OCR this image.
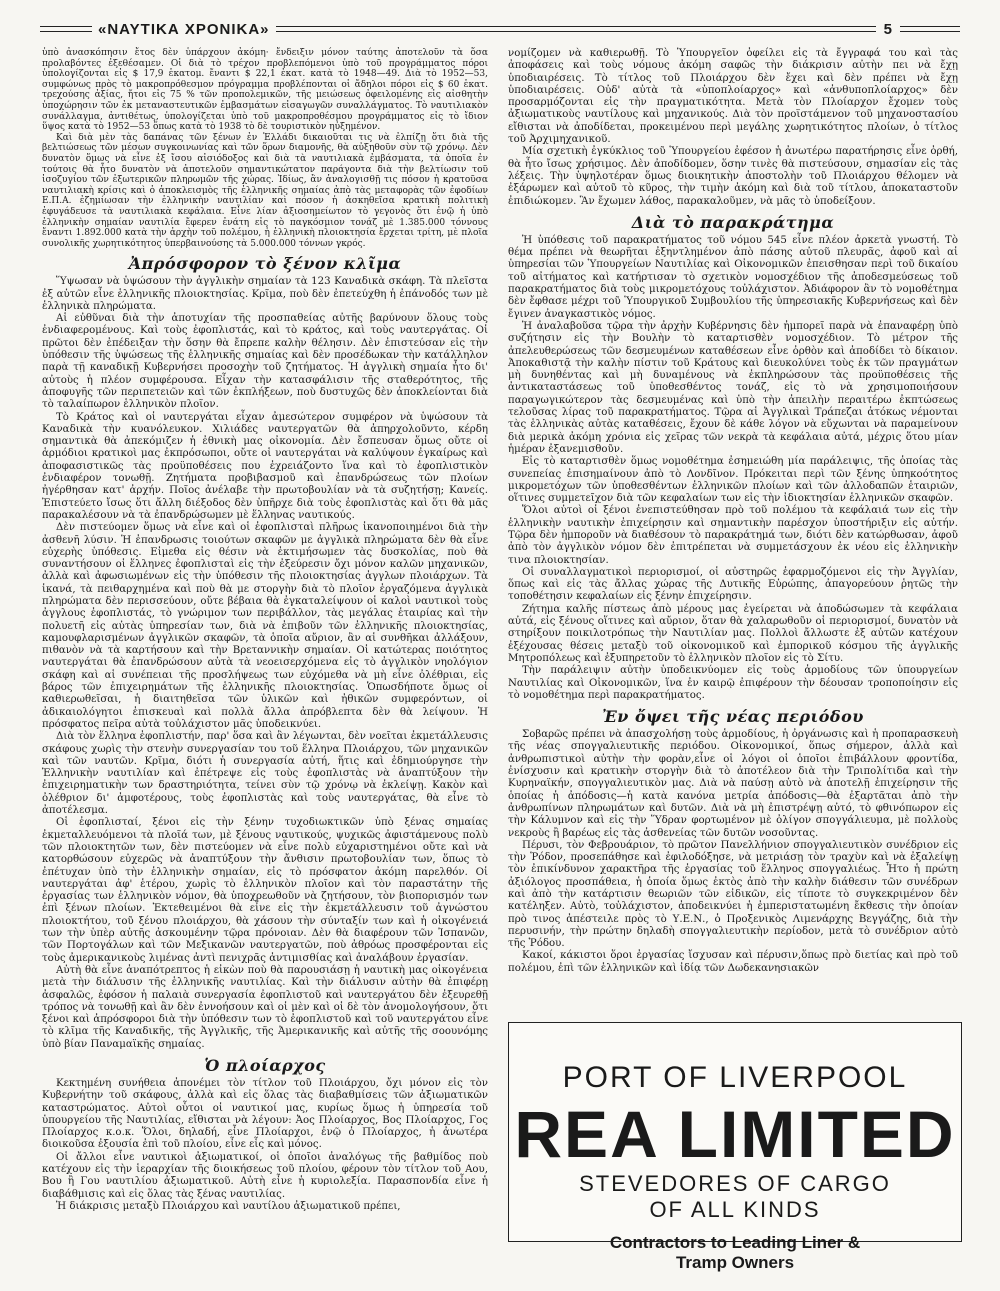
«ΝΑΥΤΙΚΑ ΧΡΟΝΙΚΑ»	5

ὑπὸ ἀνασκόπησιν ἔτος δὲν ὑπάρχουν ἀκόμη· ἔνδειξιν μόνον ταύτης ἀποτελοῦν τὰ ὅσα προλαβόντες ἐξεθέσαμεν. Οἱ διὰ τὸ τρέχον προβλεπόμενοι ὑπὸ τοῦ προγράμματος πόροι ὑπολογίζονται εἰς $ 17,9 ἑκατομ. ἔναντι $ 22,1 ἑκατ. κατὰ τὸ 1948—49. Διὰ τὸ 1952—53, συμφώνως πρὸς τὸ μακροπρόθεσμον πρόγραμμα προβλέπονται οἱ ἄδηλοι πόροι εἰς $ 60 ἑκατ. τρεχούσης ἀξίας, ἤτοι εἰς 75 % τῶν προπολεμικῶν, τῆς μειώσεως ὀφειλομένης εἰς αἰσθητὴν ὑποχώρησιν τῶν ἐκ μεταναστευτικῶν ἐμβασμάτων εἰσαγωγῶν συναλλάγματος. Τὸ ναυτιλιακὸν συνάλλαγμα, ἀντιθέτως, ὑπολογίζεται ὑπὸ τοῦ μακροπροθέσμου προγράμματος εἰς τὸ ἴδιον ὕψος κατὰ τὸ 1952—53 ὅπως κατὰ τὸ 1938 τὸ δὲ τουριστικὸν ηὐξημένον.

Καὶ διὰ μὲν τὰς δαπάνας τῶν ξένων ἐν Ἑλλάδι δικαιοῦται τις νὰ ἐλπίζῃ ὅτι διὰ τῆς βελτιώσεως τῶν μέσων συγκοινωνίας καὶ τῶν ὅρων διαμονῆς, θὰ αὐξηθοῦν σὺν τῷ χρόνῳ. Δὲν δυνατὸν ὅμως νὰ εἶνε ἐξ ἴσου αἰσιόδοξος καὶ διὰ τὰ ναυτιλιακὰ ἐμβάσματα, τὰ ὁποῖα ἐν τούτοις θὰ ἦτο δυνατὸν νὰ ἀποτελοῦν σημαντικώτατον παράγοντα διὰ τὴν βελτίωσιν τοῦ ἰσοζυγίου τῶν ἐξωτερικῶν πληρωμῶν τῆς χώρας. Ἰδίως, ἂν ἀναλογισθῇ τις πόσον ἡ κρατοῦσα ναυτιλιακὴ κρίσις καὶ ὁ ἀποκλεισμὸς τῆς ἑλληνικῆς σημαίας ἀπὸ τὰς μεταφορὰς τῶν ἐφοδίων Ε.Π.Α. ἐζημίωσαν τὴν ἑλληνικὴν ναυτιλίαν καὶ πόσον ἡ ἀσκηθεῖσα κρατικὴ πολιτικὴ ἐφυγάδευσε τὰ ναυτιλιακὰ κεφάλαια. Εἶνε λίαν ἀξιοσημείωτον τὸ γεγονὸς ὅτι ἐνῷ ἡ ὑπὸ ἑλληνικὴν σημαίαν ναυτιλία ἔφερεν ἐνάτη εἰς τὸ παγκόσμιον τονάζ μὲ 1.385.000 τόννους ἔναντι 1.892.000 κατὰ τὴν ἀρχὴν τοῦ πολέμου, ἡ ἑλληνικὴ πλοιοκτησία ἔρχεται τρίτη, μὲ πλοῖα συνολικῆς χωρητικότητος ὑπερβαινούσης τὰ 5.000.000 τόννων γκρός.

Ἀπρόσφορον τὸ ξένον κλῖμα

Ὕψωσαν νὰ ὑψώσουν τὴν ἀγγλικὴν σημαίαν τὰ 123 Καναδικὰ σκάφη. Τὰ πλεῖστα ἐξ αὐτῶν εἶνε ἑλληνικῆς πλοιοκτησίας. Κρῖμα, ποὺ δὲν ἐπετεύχθη ἡ ἐπάνοδός των μὲ ἑλληνικὰ πληρώματα.

Αἱ εὐθῦναι διὰ τὴν ἀποτυχίαν τῆς προσπαθείας αὐτῆς βαρύνουν ὅλους τοὺς ἐνδιαφερομένους. Καὶ τοὺς ἐφοπλιστάς, καὶ τὸ κράτος, καὶ τοὺς ναυτεργάτας. Οἱ πρῶτοι δὲν ἐπέδειξαν τὴν ὅσην θὰ ἔπρεπε καλὴν θέλησιν. Δὲν ἐπιστεύσαν εἰς τὴν ὑπόθεσιν τῆς ὑψώσεως τῆς ἑλληνικῆς σημαίας καὶ δὲν προσέδωκαν τὴν κατάλληλον παρὰ τῇ καναδικῇ Κυβερνήσει προσοχὴν τοῦ ζητήματος. Ἡ ἀγγλικὴ σημαία ἦτο δι' αὐτοὺς ἡ πλέον συμφέρουσα. Εἶχαν τὴν κατασφάλισιν τῆς σταθερότητος, τῆς ἀποφυγῆς τῶν περιπετειῶν καὶ τῶν ἐκπλήξεων, ποὺ δυστυχῶς δὲν ἀποκλείονται διὰ τὸ ταλαίπωρον ἑλληνικὸν πλοῖον.

Τὸ Κράτος καὶ οἱ ναυτεργάται εἶχαν ἀμεσώτερον συμφέρον νὰ ὑψώσουν τὰ Καναδικὰ τὴν κυανόλευκον. Χιλιάδες ναυτεργατῶν θὰ ἀπηρχολοῦντο, κέρδη σημαντικὰ θὰ ἀπεκόμιζεν ἡ ἐθνικὴ μας οἰκονομία. Δὲν ἔσπευσαν ὅμως οὔτε οἱ ἁρμόδιοι κρατικοὶ μας ἐκπρόσωποι, οὔτε οἱ ναυτεργάται νὰ καλύψουν ἐγκαίρως καὶ ἀποφασιστικῶς τὰς προϋποθέσεις που ἐχρειάζοντο ἵνα καὶ τὸ ἐφοπλιστικὸν ἐνδιαφέρον τονωθῇ. Ζητήματα προβιβασμοῦ καὶ ἐπανδρώσεως τῶν πλοίων ἠγέρθησαν κατ' ἀρχήν. Ποῖος ἀνέλαβε τὴν πρωτοβουλίαν νὰ τὰ συζητήσῃ; Κανείς. Ἐπιστεύετο ἴσως ὅτι ἄλλη διέξοδος δὲν ὑπῆρχε διὰ τοὺς ἐφοπλιστὰς καὶ ὅτι θὰ μᾶς παρακαλέσουν νὰ τὰ ἐπανδρώσωμεν μὲ ἕλληνας ναυτικούς.

Δὲν πιστεύομεν ὅμως νὰ εἶνε καὶ οἱ ἐφοπλισταὶ πλῆρως ἱκανοποιημένοι διὰ τὴν ἀσθενῆ λύσιν. Ἡ ἐπανδρωσις τοιούτων σκαφῶν με ἀγγλικὰ πληρώματα δὲν θὰ εἶνε εὐχερὴς ὑπόθεσις. Εἰμεθα εἰς θέσιν νὰ ἐκτιμήσωμεν τὰς δυσκολίας, ποὺ θὰ συναντήσουν οἱ ἕλληνες ἐφοπλισταὶ εἰς τὴν ἐξεύρεσιν ὄχι μόνον καλῶν μηχανικῶν, ἀλλὰ καὶ ἀφωσιωμένων εἰς τὴν ὑπόθεσιν τῆς πλοιοκτησίας ἀγγλων πλοιάρχων. Τὰ ἱκανά, τὰ πειθαρχημένα καὶ ποὺ θὰ με στοργὴν διὰ τὸ πλοῖον ἐργαζόμενα ἀγγλικὰ πληρώματα δὲν περισσεύουν, οὔτε βέβαια θὰ ἐγκαταλείψουν οἱ καλοὶ ναυτικοὶ τοὺς ἀγγλους ἐφοπλιστάς, τὸ γνώριμον των περιβάλλον, τὰς μεγάλας ἑταιρίας καὶ τὴν πολυετῆ εἰς αὐτὰς ὑπηρεσίαν των, διὰ νὰ ἐπιβοῦν τῶν ἑλληνικῆς πλοιοκτησίας, καμουφλαρισμένων ἀγγλικῶν σκαφῶν, τὰ ὁποῖα αὔριον, ἂν αἱ συνθῆκαι ἀλλάξουν, πιθανὸν νὰ τὰ καρτήσουν καὶ τὴν Βρεταννικὴν σημαίαν. Οἱ κατώτερας ποιότητος ναυτεργάται θὰ ἐπανδρώσουν αὐτὰ τὰ νεοεισερχόμενα εἰς τὸ ἀγγλικὸν νηολόγιον σκάφη καὶ αἱ συνέπειαι τῆς προσλήψεως των εὐχόμεθα νὰ μὴ εἶνε ὀλέθριαι, εἰς βάρος τῶν ἐπιχειρημάτων τῆς ἑλληνικῆς πλοιοκτησίας. Ὁπωσδήποτε ὅμως οἱ καθιερωθεῖσαι, ἡ διαιτηθεῖσα τῶν ὑλικῶν καὶ ἠθικῶν συμφερόντων, οἱ ἀδικαιολόγητοι ἐπισκευαὶ καὶ πολλὰ ἄλλα ἀπρόβλεπτα δὲν θὰ λείψουν. Ἡ πρόσφατος πεῖρα αὐτὰ τοὐλάχιστον μᾶς ὑποδεικνύει.

Διὰ τὸν ἕλληνα ἐφοπλιστήν, παρ' ὅσα καὶ ἂν λέγωνται, δὲν νοεῖται ἐκμετάλλευσις σκάφους χωρὶς τὴν στενὴν συνεργασίαν του τοῦ ἕλληνα Πλοιάρχου, τῶν μηχανικῶν καὶ τῶν ναυτῶν. Κρῖμα, διότι ἡ συνεργασία αὐτή, ἥτις καὶ ἐδημιούργησε τὴν Ἑλληνικὴν ναυτιλίαν καὶ ἐπέτρεψε εἰς τοὺς ἐφοπλιστὰς νὰ ἀναπτύξουν τὴν ἐπιχειρηματικὴν των δραστηριότητα, τείνει σὺν τῷ χρόνῳ νὰ ἐκλείψῃ. Κακὸν καὶ ὀλέθριον δι' ἀμφοτέρους, τοὺς ἐφοπλιστὰς καὶ τοὺς ναυτεργάτας, θὰ εἶνε τὸ ἀποτέλεσμα.

Οἱ ἐφοπλισταί, ξένοι εἰς τὴν ξένην τυχοδιωκτικῶν ὑπὸ ξένας σημαίας ἐκμεταλλευόμενοι τὰ πλοῖά των, μὲ ξένους ναυτικούς, ψυχικῶς ἀφιστάμενους πολὺ τῶν πλοιοκτητῶν των, δὲν πιστεύομεν νὰ εἶνε πολὺ εὐχαριστημένοι οὔτε καὶ νὰ κατορθώσουν εὐχερῶς νὰ ἀναπτύξουν τὴν ἄνθισιν πρωτοβουλίαν των, ὅπως τὸ ἐπέτυχαν ὑπὸ τὴν ἑλληνικὴν σημαίαν, εἰς τὸ πρόσφατον ἀκόμη παρελθόν. Οἱ ναυτεργάται ἀφ' ἑτέρου, χωρὶς τὸ ἑλληνικὸν πλοῖον καὶ τὸν παραστάτην τῆς ἐργασίας των ἑλληνικὸν νόμον, θὰ ὑποχρεωθοῦν νὰ ζητήσουν, τὸν βιοπορισμόν των ἐπὶ ξένων πλοίων. Ἐκτεθειμένοι θὰ εἶνε εἰς τὴν ἐκμετάλλευσιν τοῦ ἀγνώστου πλοιοκτήτου, τοῦ ξένου πλοιάρχου, θὰ χάσουν τὴν σύνταξίν των καὶ ἡ οἰκογένειά των τὴν ὑπὲρ αὐτῆς ἀσκουμένην τῷρα πρόνοιαν. Δὲν θὰ διαφέρουν τῶν Ἰσπανῶν, τῶν Πορτογάλων καὶ τῶν Μεξικανῶν ναυτεργατῶν, ποὺ ἀθρόως προσφέρονται εἰς τοὺς ἀμερικανικοὺς λιμένας ἀντὶ πενιχρᾶς ἀντιμισθίας καὶ ἀναλάβουν ἐργασίαν.

Αὐτὴ θὰ εἶνε ἀναπότρεπτος ἡ εἰκὼν ποὺ θὰ παρουσιάσῃ ἡ ναυτικὴ μας οἰκογένεια μετὰ τὴν διάλυσιν τῆς ἑλληνικῆς ναυτιλίας. Καὶ τὴν διάλυσιν αὐτὴν θὰ ἐπιφέρῃ ἀσφαλῶς, ἐφόσον ἡ παλαιὰ συνεργασία ἐφοπλιστοῦ καὶ ναυτεργάτου δὲν ἐξευρεθῇ τρόπος νὰ τονωθῇ καὶ ἂν δὲν ἐννοήσουν καὶ οἱ μὲν καὶ οἱ δὲ τὸν ἀνομολογήσουν, ὅτι ξένοι καὶ ἀπρόσφοροι διὰ τὴν ὑπόθεσιν των τὸ ἐφοπλιστοῦ καὶ τοῦ ναυτεργάτου εἶνε τὸ κλῖμα τῆς Καναδικῆς, τῆς Ἀγγλικῆς, τῆς Ἀμερικανικῆς καὶ αὐτῆς τῆς σοουνόμης ὑπὸ βίαν Παναμαϊκῆς σημαίας.

Ὁ πλοίαρχος

Κεκτημένη συνήθεια ἀπονέμει τὸν τίτλον τοῦ Πλοιάρχου, ὄχι μόνον εἰς τὸν Κυβερνήτην τοῦ σκάφους, ἀλλὰ καὶ εἰς ὅλας τὰς διαβαθμίσεις τῶν ἀξιωματικῶν καταστρώματος. Αὐτοὶ οὗτοι οἱ ναυτικοί μας, κυρίως ὅμως ἡ ὑπηρεσία τοῦ ὑπουργείου τῆς Ναυτιλίας, εἴθισται νὰ λέγουν: Ἀος Πλοίαρχος, Βος Πλοίαρχος, Γος Πλοίαρχος κ.ο.κ. Ὅλοι, δηλαδή, εἶνε Πλοίαρχοι, ἐνῷ ὁ Πλοίαρχος, ἡ ἀνωτέρα διοικοῦσα ἐξουσία ἐπὶ τοῦ πλοίου, εἶνε εἷς καὶ μόνος.

Οἱ ἄλλοι εἶνε ναυτικοὶ ἀξιωματικοί, οἱ ὁποῖοι ἀναλόγως τῆς βαθμίδος ποὺ κατέχουν εἰς τὴν ἱεραρχίαν τῆς διοικήσεως τοῦ πλοίου, φέρουν τὸν τίτλον τοῦ Αου, Βου ἢ Γου ναυτιλίου ἀξιωματικοῦ. Αὐτὴ εἶνε ἡ κυριολεξία. Παρασπονδία εἶνε ἡ διαβάθμισις καὶ εἰς ὅλας τὰς ξένας ναυτιλίας.

Ἡ διάκρισις μεταξὺ Πλοιάρχου καὶ ναυτίλου ἀξιωματικοῦ πρέπει,

νομίζομεν νὰ καθιερωθῇ. Τὸ Ὑπουργεῖον ὀφείλει εἰς τὰ ἔγγραφά του καὶ τὰς ἀποφάσεις καὶ τοὺς νόμους ἀκόμη σαφῶς τὴν διάκρισιν αὐτὴν πει νὰ ἔχῃ ὑποδιαιρέσεις. Τὸ τίτλος τοῦ Πλοιάρχου δὲν ἔχει καὶ δὲν πρέπει νὰ ἔχῃ ὑποδιαιρέσεις. Οὐδ' αὐτὰ τὰ «ὑποπλοίαρχος» καὶ «ἀνθυποπλοίαρχος» δὲν προσαρμόζονται εἰς τὴν πραγματικότητα. Μετὰ τὸν Πλοίαρχον ἔχομεν τοὺς ἀξιωματικοὺς ναυτίλους καὶ μηχανικούς. Διὰ τὸν προϊστάμενον τοῦ μηχανοστασίου εἴθισται νὰ ἀποδίδεται, προκειμένου περὶ μεγάλης χωρητικότητος πλοίων, ὁ τίτλος τοῦ Ἀρχιμηχανικοῦ.

Μία σχετικὴ ἐγκύκλιος τοῦ Ὑπουργείου ἐφέσον ἡ ἀνωτέρω παρατήρησις εἶνε ὀρθή, θὰ ἦτο ἴσως χρήσιμος. Δὲν ἀποδίδομεν, ὅσην τινὲς θὰ πιστεύσουν, σημασίαν εἰς τὰς λέξεις. Τὴν ὑψηλοτέραν ὅμως διοικητικὴν ἀποστολὴν τοῦ Πλοιάρχου θέλομεν νὰ ἐξάρωμεν καὶ αὐτοῦ τὸ κῦρος, τὴν τιμὴν ἀκόμη καὶ διὰ τοῦ τίτλου, ἀποκαταστοῦν ἐπιδιώκομεν. Ἂν ἔχωμεν λάθος, παρακαλοῦμεν, νὰ μᾶς τὸ ὑποδείξουν.

Διὰ τὸ παρακράτημα

Ἡ ὑπόθεσις τοῦ παρακρατήματος τοῦ νόμου 545 εἶνε πλέον ἀρκετὰ γνωστή. Τὸ θέμα πρέπει νὰ θεωρῆται ἐξηντλημένον ἀπὸ πάσης αὐτοῦ πλευρᾶς, ἀφοῦ καὶ αἱ ὑπηρεσίαι τῶν Ὑπουργείων Ναυτιλίας καὶ Οἰκονομικῶν ἐπεισθησαν περὶ τοῦ δικαίου τοῦ αἰτήματος καὶ κατήρτισαν τὸ σχετικὸν νομοσχέδιον τῆς ἀποδεσμεύσεως τοῦ παρακρατήματος διὰ τοὺς μικρομετόχους τοὐλάχιστον. Ἀδιάφορον ἂν τὸ νομοθέτημα δὲν ἔφθασε μέχρι τοῦ Ὑπουργικοῦ Συμβουλίου τῆς ὑπηρεσιακῆς Κυβερνήσεως καὶ δὲν ἔγινεν ἀναγκαστικὸς νόμος.

Ἡ ἀναλαβοῦσα τῷρα τὴν ἀρχὴν Κυβέρνησις δὲν ἠμπορεῖ παρὰ νὰ ἐπαναφέρῃ ὑπὸ συζήτησιν εἰς τὴν Βουλὴν τὸ καταρτισθὲν νομοσχέδιον. Τὸ μέτρον τῆς ἀπελευθερώσεως τῶν δεσμευμένων καταθέσεων εἶνε ὀρθὸν καὶ ἀποδίδει τὸ δίκαιον. Ἀποκαθιστᾷ τὴν καλὴν πίστιν τοῦ Κράτους καὶ διευκολύνει τοὺς ἐκ τῶν πραγμάτων μὴ δυνηθέντας καὶ μὴ δυναμένους νὰ ἐκπληρώσουν τὰς προϋποθέσεις τῆς ἀντικαταστάσεως τοῦ ὑποθεσθέντος τονάζ, εἰς τὸ νὰ χρησιμοποιήσουν παραγωγικώτερον τὰς δεσμευμένας καὶ ὑπὸ τὴν ἀπειλὴν περαιτέρω ἐκπτώσεως τελοῦσας λίρας τοῦ παρακρατήματος. Τῷρα αἱ Ἀγγλικαὶ Τράπεζαι ἀτόκως νέμονται τὰς ἑλληνικὰς αὐτὰς καταθέσεις, ἔχουν δὲ κάθε λόγον νὰ εὔχωνται νὰ παραμείνουν διὰ μερικὰ ἀκόμη χρόνια εἰς χεῖρας τῶν νεκρὰ τὰ κεφάλαια αὐτά, μέχρις ὅτου μίαν ἡμέραν ἐξανεμισθοῦν.

Εἰς τὸ καταρτισθὲν ὅμως νομοθέτημα ἐσημειώθη μία παράλειψις, τῆς ὁποίας τὰς συνεπείας ἐπισημαίνουν ἀπὸ τὸ Λονδῖνον. Πρόκειται περὶ τῶν ξένης ὑπηκοότητος μικρομετόχων τῶν ὑποθεσθέντων ἑλληνικῶν πλοίων καὶ τῶν ἀλλοδαπῶν ἑταιριῶν, οἵτινες συμμετεῖχον διὰ τῶν κεφαλαίων των εἰς τὴν ἰδιοκτησίαν ἑλληνικῶν σκαφῶν.

Ὅλοι αὐτοὶ οἱ ξένοι ἐνεπιστεύθησαν πρὸ τοῦ πολέμου τὰ κεφάλαιά των εἰς τὴν ἑλληνικὴν ναυτικὴν ἐπιχείρησιν καὶ σημαντικὴν παρέσχον ὑποστήριξιν εἰς αὐτήν. Τῷρα δὲν ἠμποροῦν νὰ διαθέσουν τὸ παρακράτημά των, διότι δὲν κατώρθωσαν, ἀφοῦ ἀπὸ τὸν ἀγγλικὸν νόμον δὲν ἐπιτρέπεται νὰ συμμετάσχουν ἐκ νέου εἰς ἑλληνικὴν τινα πλοιοκτησίαν.

Οἱ συναλλαγματικοὶ περιορισμοί, οἱ αὐστηρῶς ἐφαρμοζόμενοι εἰς τὴν Ἀγγλίαν, ὅπως καὶ εἰς τὰς ἄλλας χώρας τῆς Δυτικῆς Εὐρώπης, ἀπαγορεύουν ῥητῶς τὴν τοποθέτησιν κεφαλαίων εἰς ξένην ἐπιχείρησιν.

Ζήτημα καλῆς πίστεως ἀπὸ μέρους μας ἐγείρεται νὰ ἀποδώσωμεν τὰ κεφάλαια αὐτά, εἰς ξένους οἵτινες καὶ αὔριον, ὅταν θὰ χαλαρωθοῦν οἱ περιορισμοί, δυνατὸν νὰ στηρίξουν ποικιλοτρόπως τὴν Ναυτιλίαν μας. Πολλοὶ ἄλλωστε ἐξ αὐτῶν κατέχουν ἐξέχουσας θέσεις μεταξὺ τοῦ οἰκονομικοῦ καὶ ἐμπορικοῦ κόσμου τῆς ἀγγλικῆς Μητροπόλεως καὶ ἐξυπηρετοῦν τὸ ἑλληνικὸν πλοῖον εἰς τὸ Σίτυ.

Τὴν παράλειψιν αὐτὴν ὑποδεικνύομεν εἰς τοὺς ἁρμοδίους τῶν ὑπουργείων Ναυτιλίας καὶ Οἰκονομικῶν, ἵνα ἐν καιρῷ ἐπιφέρουν τὴν δέουσαν τροποποίησιν εἰς τὸ νομοθέτημα περὶ παρακρατήματος.

Ἐν ὄψει τῆς νέας περιόδου

Σοβαρῶς πρέπει νὰ ἀπασχολήσῃ τοὺς ἁρμοδίους, ἡ ὀργάνωσις καὶ ἡ προπαρασκευὴ τῆς νέας σπογγαλιευτικῆς περιόδου. Οἰκονομικοί, ὅπως σήμερον, ἀλλὰ καὶ ἀνθρωπιστικοὶ αὐτὴν τὴν φορὰν,εἶνε οἱ λόγοι οἱ ὁποῖοι ἐπιβάλλουν φροντίδα, ἐνίσχυσιν καὶ κρατικὴν στοργὴν διὰ τὸ ἀποτέλεον διὰ τὴν Τριπολίτιδα καὶ τὴν Κυρηναϊκήν, σπογγαλιευτικὸν μας. Διὰ νὰ παύσῃ αὐτὸ νὰ ἀποτελῇ ἐπιχείρησιν τῆς ὁποίας ἡ ἀπόδοσις—ἡ κατὰ κανόνα μετρία ἀπόδοσις—θὰ ἐξαρτᾶται ἀπὸ τὴν ἀνθρωπίνων πληρωμάτων καὶ δυτῶν. Διὰ νὰ μὴ ἐπιστρέψῃ αὐτό, τὸ φθινόπωρον εἰς τὴν Κάλυμνον καὶ εἰς τὴν Ὕδραν φορτωμένον μὲ ὀλίγον σπογγάλιευμα, μὲ πολλοὺς νεκροὺς ἢ βαρέως εἰς τὰς ἀσθενείας τῶν δυτῶν νοσοῦντας.

Πέρυσι, τὸν Φεβρουάριον, τὸ πρῶτον Πανελλήνιον σπογγαλιευτικὸν συνέδριον εἰς τὴν Ῥόδον, προσεπάθησε καὶ ἐφιλοδόξησε, νὰ μετριάσῃ τὸν τραχὺν καὶ νὰ ἐξαλείψῃ τὸν ἐπικίνδυνον χαρακτῆρα τῆς ἐργασίας τοῦ ἕλληνος σπογγαλιέως. Ἦτο ἡ πρώτη ἀξιόλογος προσπάθεια, ἡ ὁποία ὅμως ἐκτὸς ἀπὸ τὴν καλὴν διάθεσιν τῶν συνέδρων καὶ ἀπὸ τὴν κατάρτισιν θεωριῶν τῶν εἰδικῶν, εἰς τίποτε τὸ συγκεκριμένον δὲν κατέληξεν. Αὐτὸ, τοὐλάχιστον, ἀποδεικνύει ἡ ἐμπεριστατωμένη ἔκθεσις τὴν ὁποίαν πρὸ τινος ἀπέστειλε πρὸς τὸ Υ.Ε.Ν., ὁ Προξενικὸς Λιμενάρχης Βεγγάζης, διὰ τὴν περυσινήν, τὴν πρώτην δηλαδὴ σπογγαλιευτικὴν περίοδον, μετὰ τὸ συνέδριον αὐτὸ τῆς Ῥόδου.

Κακοί, κάκιστοι ὅροι ἐργασίας ἴσχυσαν καὶ πέρυσιν,ὅπως πρὸ διετίας καὶ πρὸ τοῦ πολέμου, ἐπὶ τῶν ἑλληνικῶν καὶ ἰδίᾳ τῶν Δωδεκανησιακῶν

PORT OF LIVERPOOL
REA LIMITED
STEVEDORES OF CARGO
OF ALL KINDS
Contractors to Leading Liner &
Tramp Owners
